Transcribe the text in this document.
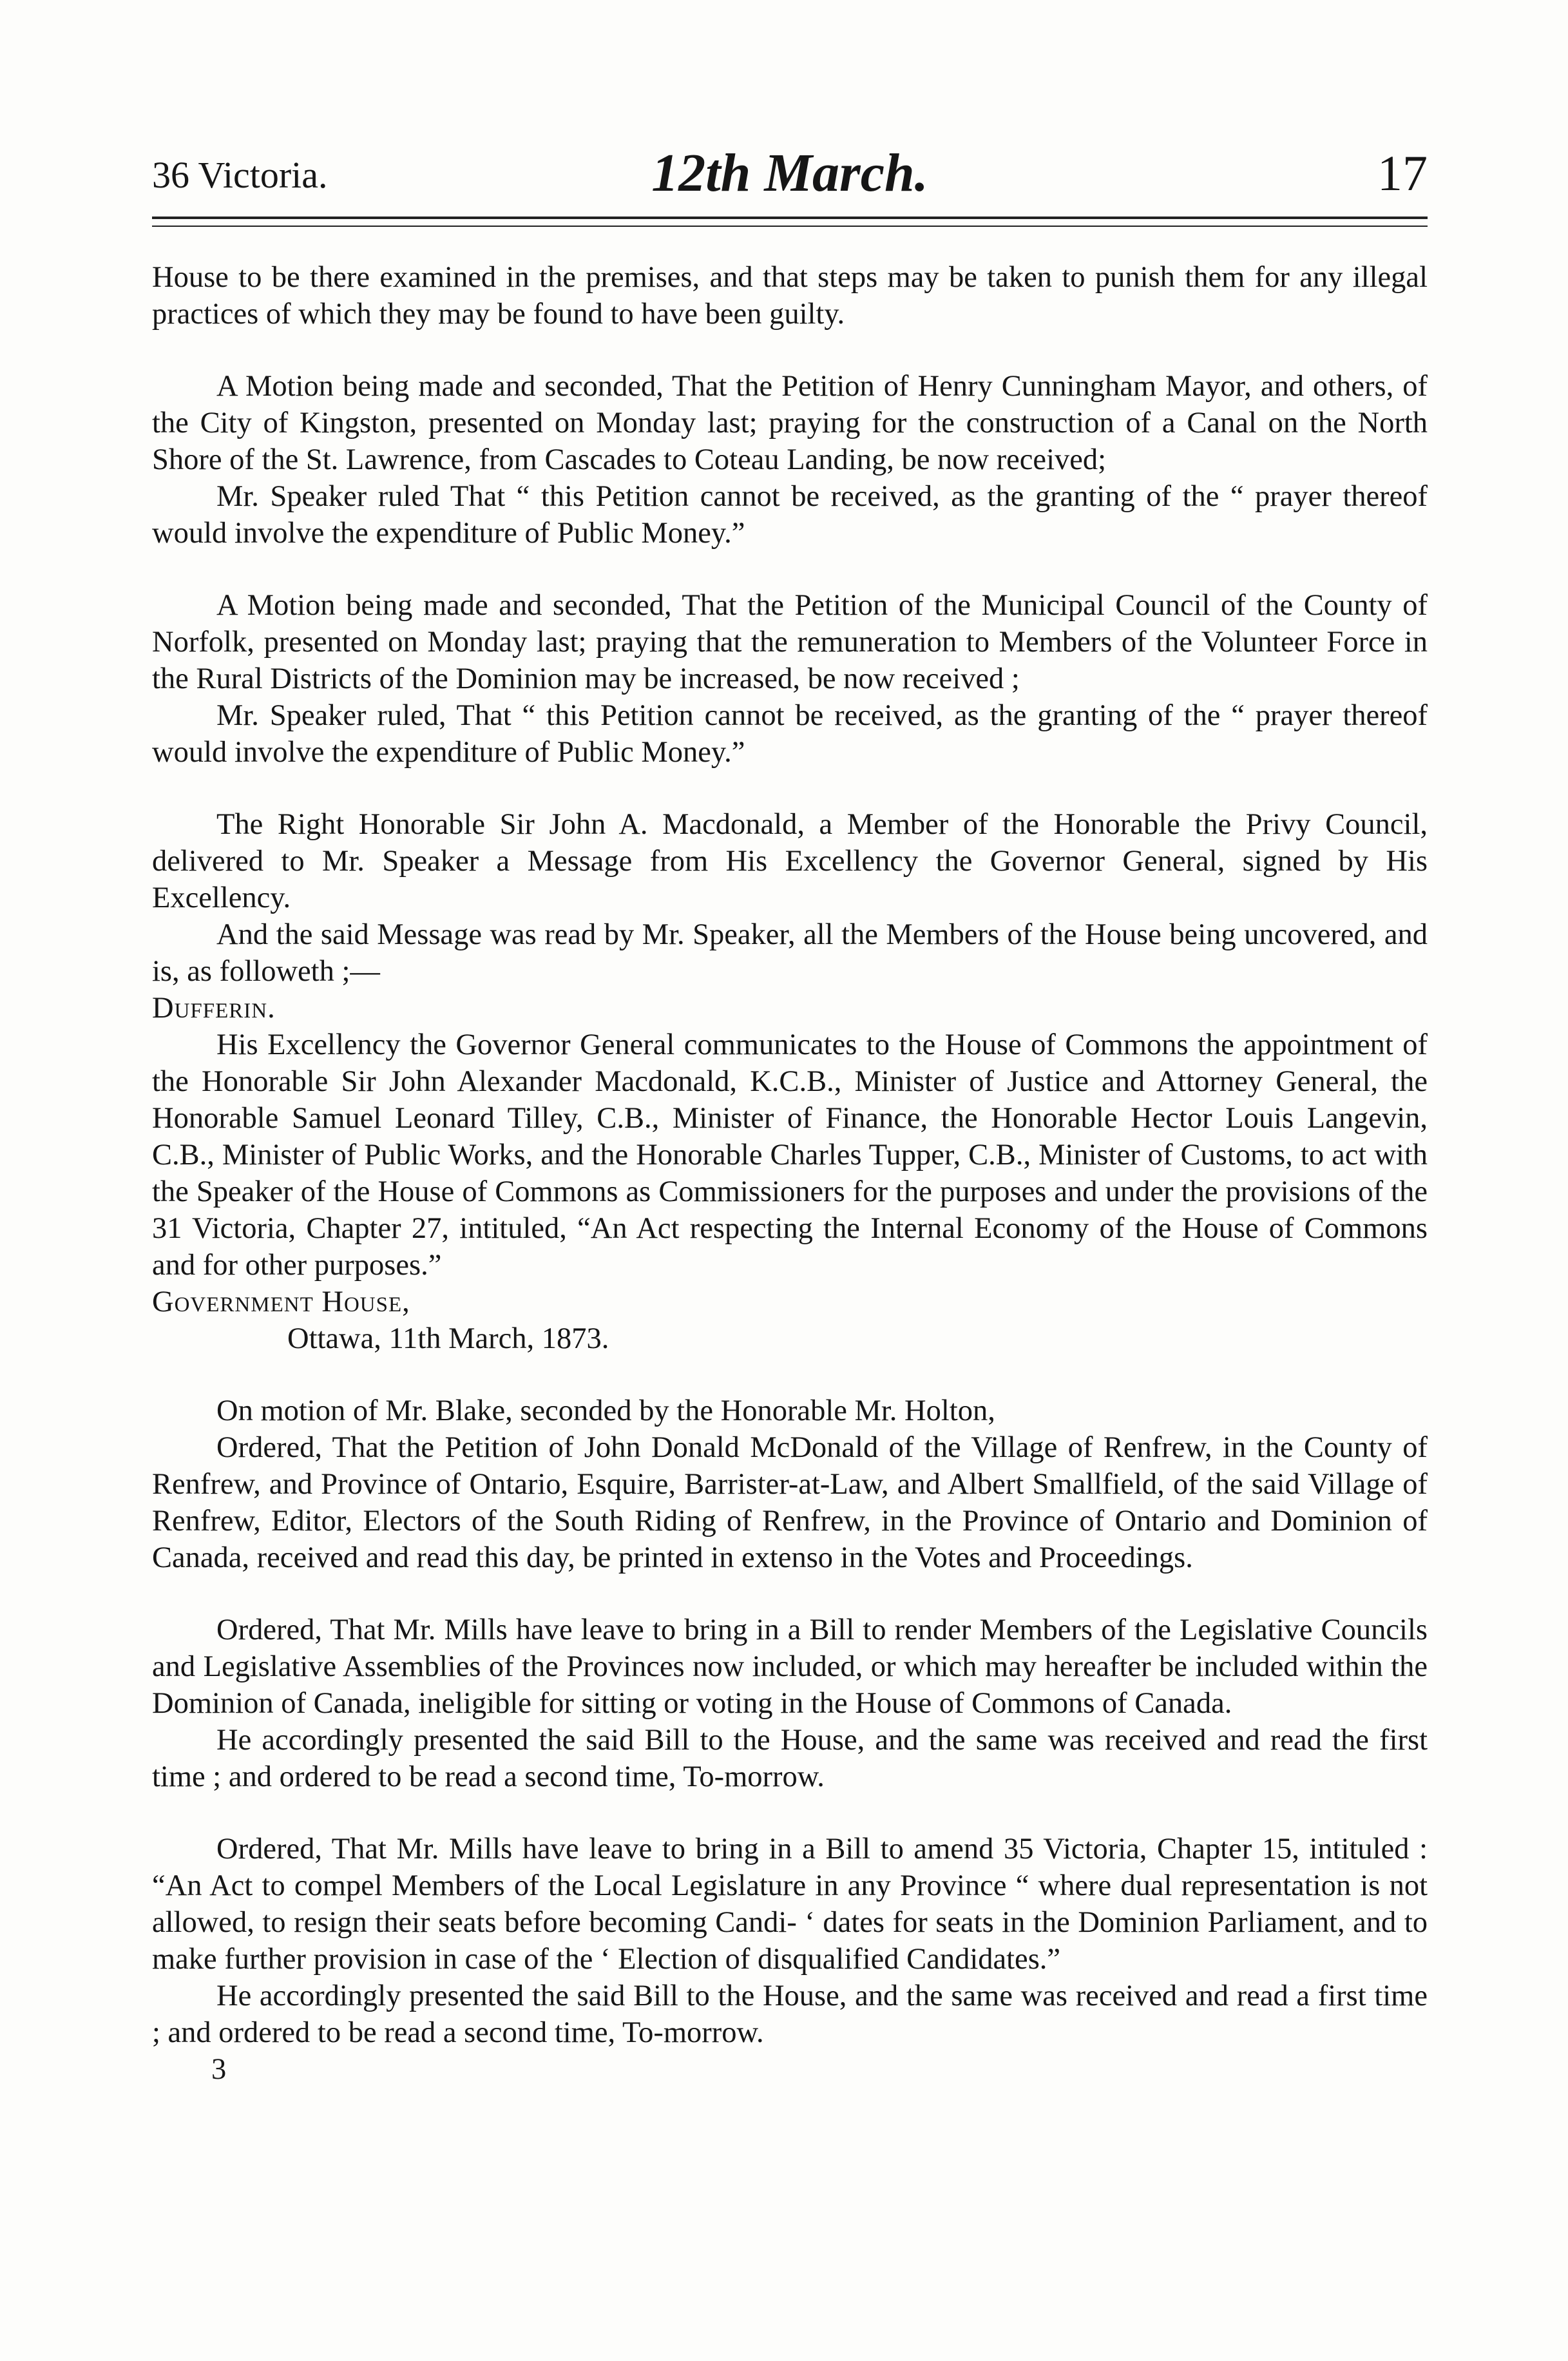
36 Victoria.	12th March.	17

House to be there examined in the premises, and that steps may be taken to punish them for any illegal practices of which they may be found to have been guilty.

A Motion being made and seconded, That the Petition of Henry Cunningham Mayor, and others, of the City of Kingston, presented on Monday last; praying for the construction of a Canal on the North Shore of the St. Lawrence, from Cascades to Coteau Landing, be now received;

Mr. Speaker ruled That “ this Petition cannot be received, as the granting of the “ prayer thereof would involve the expenditure of Public Money.”

A Motion being made and seconded, That the Petition of the Municipal Council of the County of Norfolk, presented on Monday last; praying that the remuneration to Members of the Volunteer Force in the Rural Districts of the Dominion may be increased, be now received ;

Mr. Speaker ruled, That “ this Petition cannot be received, as the granting of the “ prayer thereof would involve the expenditure of Public Money.”

The Right Honorable Sir John A. Macdonald, a Member of the Honorable the Privy Council, delivered to Mr. Speaker a Message from His Excellency the Governor General, signed by His Excellency.

And the said Message was read by Mr. Speaker, all the Members of the House being uncovered, and is, as followeth ;—

Dufferin.

His Excellency the Governor General communicates to the House of Commons the appointment of the Honorable Sir John Alexander Macdonald, K.C.B., Minister of Justice and Attorney General, the Honorable Samuel Leonard Tilley, C.B., Minister of Finance, the Honorable Hector Louis Langevin, C.B., Minister of Public Works, and the Honorable Charles Tupper, C.B., Minister of Customs, to act with the Speaker of the House of Commons as Commissioners for the purposes and under the provisions of the 31 Victoria, Chapter 27, intituled, “An Act respecting the Internal Economy of the House of Commons and for other purposes.”

Government House,

Ottawa, 11th March, 1873.

On motion of Mr. Blake, seconded by the Honorable Mr. Holton,

Ordered, That the Petition of John Donald McDonald of the Village of Renfrew, in the County of Renfrew, and Province of Ontario, Esquire, Barrister-at-Law, and Albert Smallfield, of the said Village of Renfrew, Editor, Electors of the South Riding of Renfrew, in the Province of Ontario and Dominion of Canada, received and read this day, be printed in extenso in the Votes and Proceedings.

Ordered, That Mr. Mills have leave to bring in a Bill to render Members of the Legislative Councils and Legislative Assemblies of the Provinces now included, or which may hereafter be included within the Dominion of Canada, ineligible for sitting or voting in the House of Commons of Canada.

He accordingly presented the said Bill to the House, and the same was received and read the first time ; and ordered to be read a second time, To-morrow.

Ordered, That Mr. Mills have leave to bring in a Bill to amend 35 Victoria, Chapter 15, intituled : “An Act to compel Members of the Local Legislature in any Province “ where dual representation is not allowed, to resign their seats before becoming Candi- ‘ dates for seats in the Dominion Parliament, and to make further provision in case of the ‘ Election of disqualified Candidates.”

He accordingly presented the said Bill to the House, and the same was received and read a first time ; and ordered to be read a second time, To-morrow.

3
